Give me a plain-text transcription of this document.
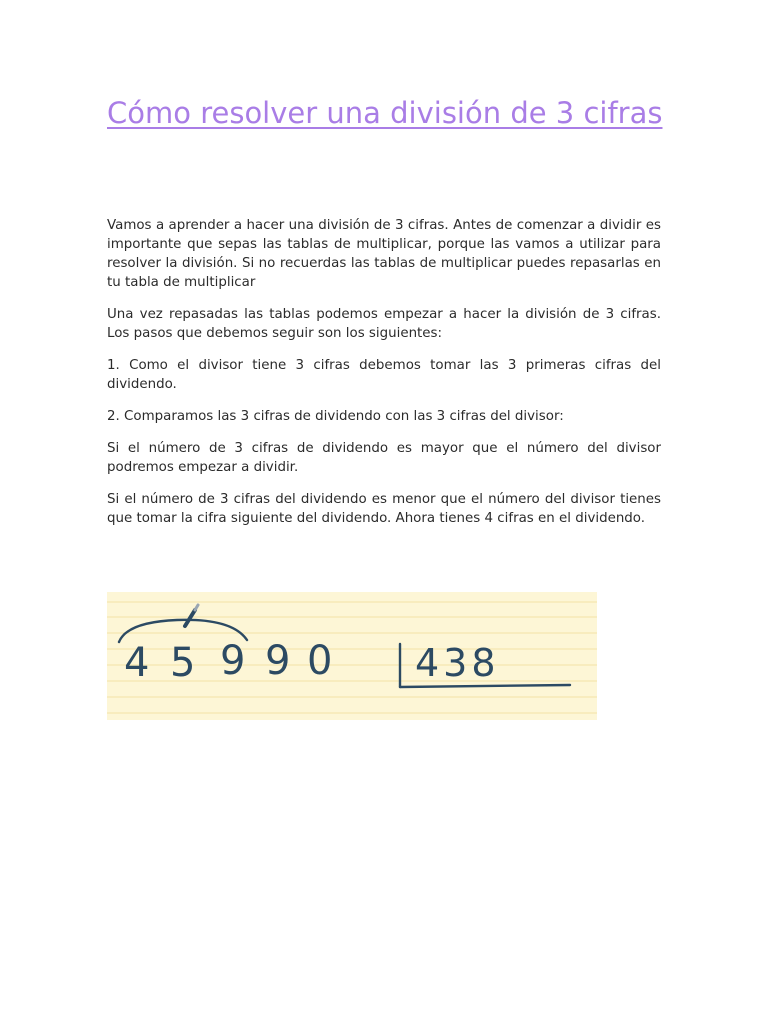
Cómo resolver una división de 3 cifras

Vamos a aprender a hacer una división de 3 cifras. Antes de comenzar a dividir es importante que sepas las tablas de multiplicar, porque las vamos a utilizar para resolver la división. Si no recuerdas las tablas de multiplicar puedes repasarlas en tu tabla de multiplicar

Una vez repasadas las tablas podemos empezar a hacer la división de 3 cifras. Los pasos que debemos seguir son los siguientes:

1. Como el divisor tiene 3 cifras debemos tomar las 3 primeras cifras del dividendo.

2. Comparamos las 3 cifras de dividendo con las 3 cifras del divisor:

Si el número de 3 cifras de dividendo es mayor que el número del divisor podremos empezar a dividir.

Si el número de 3 cifras del dividendo es menor que el número del divisor tienes que tomar la cifra siguiente del dividendo. Ahora tienes 4 cifras en el dividendo.

4 5 9 9 0 438
